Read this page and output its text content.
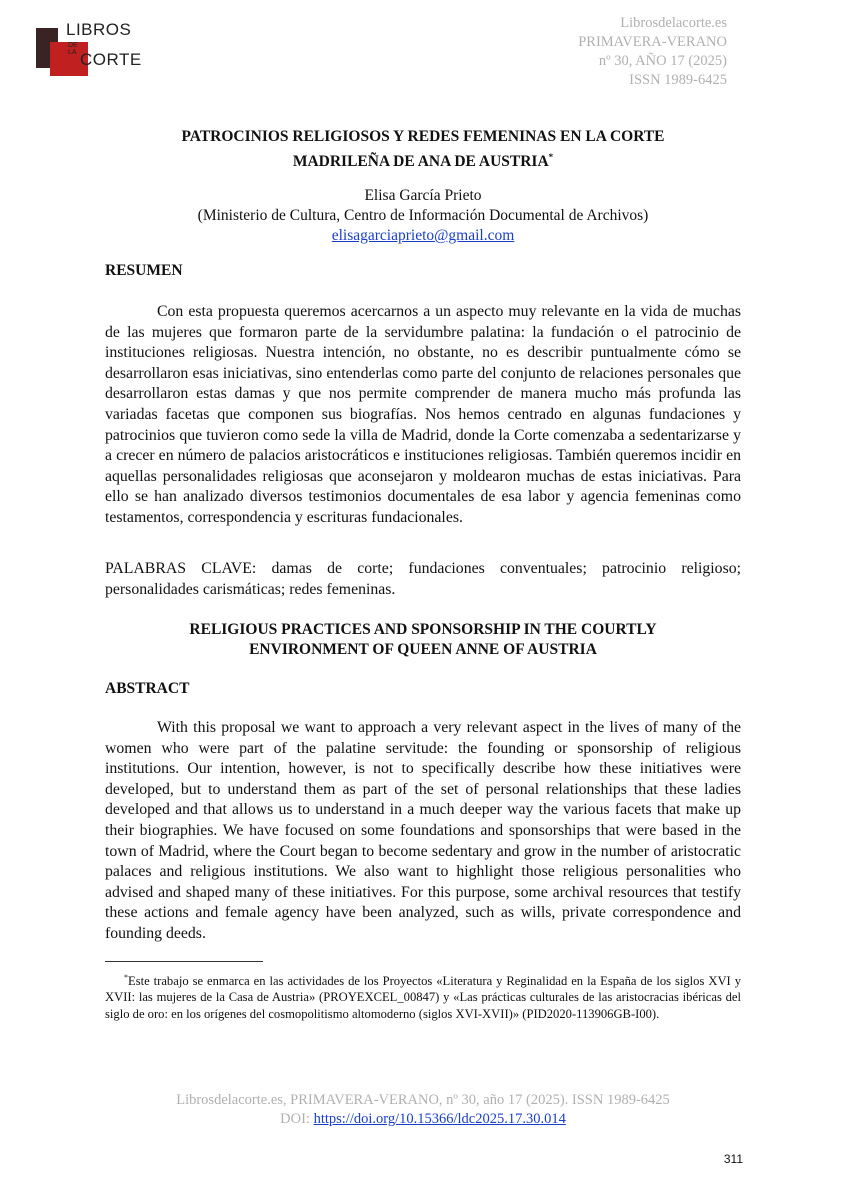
LIBROS
DE
LA CORTE
Librosdelacorte.es
PRIMAVERA-VERANO
nº 30, AÑO 17 (2025)
ISSN 1989-6425
PATROCINIOS RELIGIOSOS Y REDES FEMENINAS EN LA CORTE
MADRILEÑA DE ANA DE AUSTRIA*
Elisa García Prieto
(Ministerio de Cultura, Centro de Información Documental de Archivos)
elisagarciaprieto@gmail.com
RESUMEN
Con esta propuesta queremos acercarnos a un aspecto muy relevante en la vida de muchas de las mujeres que formaron parte de la servidumbre palatina: la fundación o el patrocinio de instituciones religiosas. Nuestra intención, no obstante, no es describir puntualmente cómo se desarrollaron esas iniciativas, sino entenderlas como parte del conjunto de relaciones personales que desarrollaron estas damas y que nos permite comprender de manera mucho más profunda las variadas facetas que componen sus biografías. Nos hemos centrado en algunas fundaciones y patrocinios que tuvieron como sede la villa de Madrid, donde la Corte comenzaba a sedentarizarse y a crecer en número de palacios aristocráticos e instituciones religiosas. También queremos incidir en aquellas personalidades religiosas que aconsejaron y moldearon muchas de estas iniciativas. Para ello se han analizado diversos testimonios documentales de esa labor y agencia femeninas como testamentos, correspondencia y escrituras fundacionales.
PALABRAS CLAVE: damas de corte; fundaciones conventuales; patrocinio religioso; personalidades carismáticas; redes femeninas.
RELIGIOUS PRACTICES AND SPONSORSHIP IN THE COURTLY
ENVIRONMENT OF QUEEN ANNE OF AUSTRIA
ABSTRACT
With this proposal we want to approach a very relevant aspect in the lives of many of the women who were part of the palatine servitude: the founding or sponsorship of religious institutions. Our intention, however, is not to specifically describe how these initiatives were developed, but to understand them as part of the set of personal relationships that these ladies developed and that allows us to understand in a much deeper way the various facets that make up their biographies. We have focused on some foundations and sponsorships that were based in the town of Madrid, where the Court began to become sedentary and grow in the number of aristocratic palaces and religious institutions. We also want to highlight those religious personalities who advised and shaped many of these initiatives. For this purpose, some archival resources that testify these actions and female agency have been analyzed, such as wills, private correspondence and founding deeds.
*Este trabajo se enmarca en las actividades de los Proyectos «Literatura y Reginalidad en la España de los siglos XVI y XVII: las mujeres de la Casa de Austria» (PROYEXCEL_00847) y «Las prácticas culturales de las aristocracias ibéricas del siglo de oro: en los orígenes del cosmopolitismo altomoderno (siglos XVI-XVII)» (PID2020-113906GB-I00).
Librosdelacorte.es, PRIMAVERA-VERANO, nº 30, año 17 (2025). ISSN 1989-6425
DOI: https://doi.org/10.15366/ldc2025.17.30.014
311
